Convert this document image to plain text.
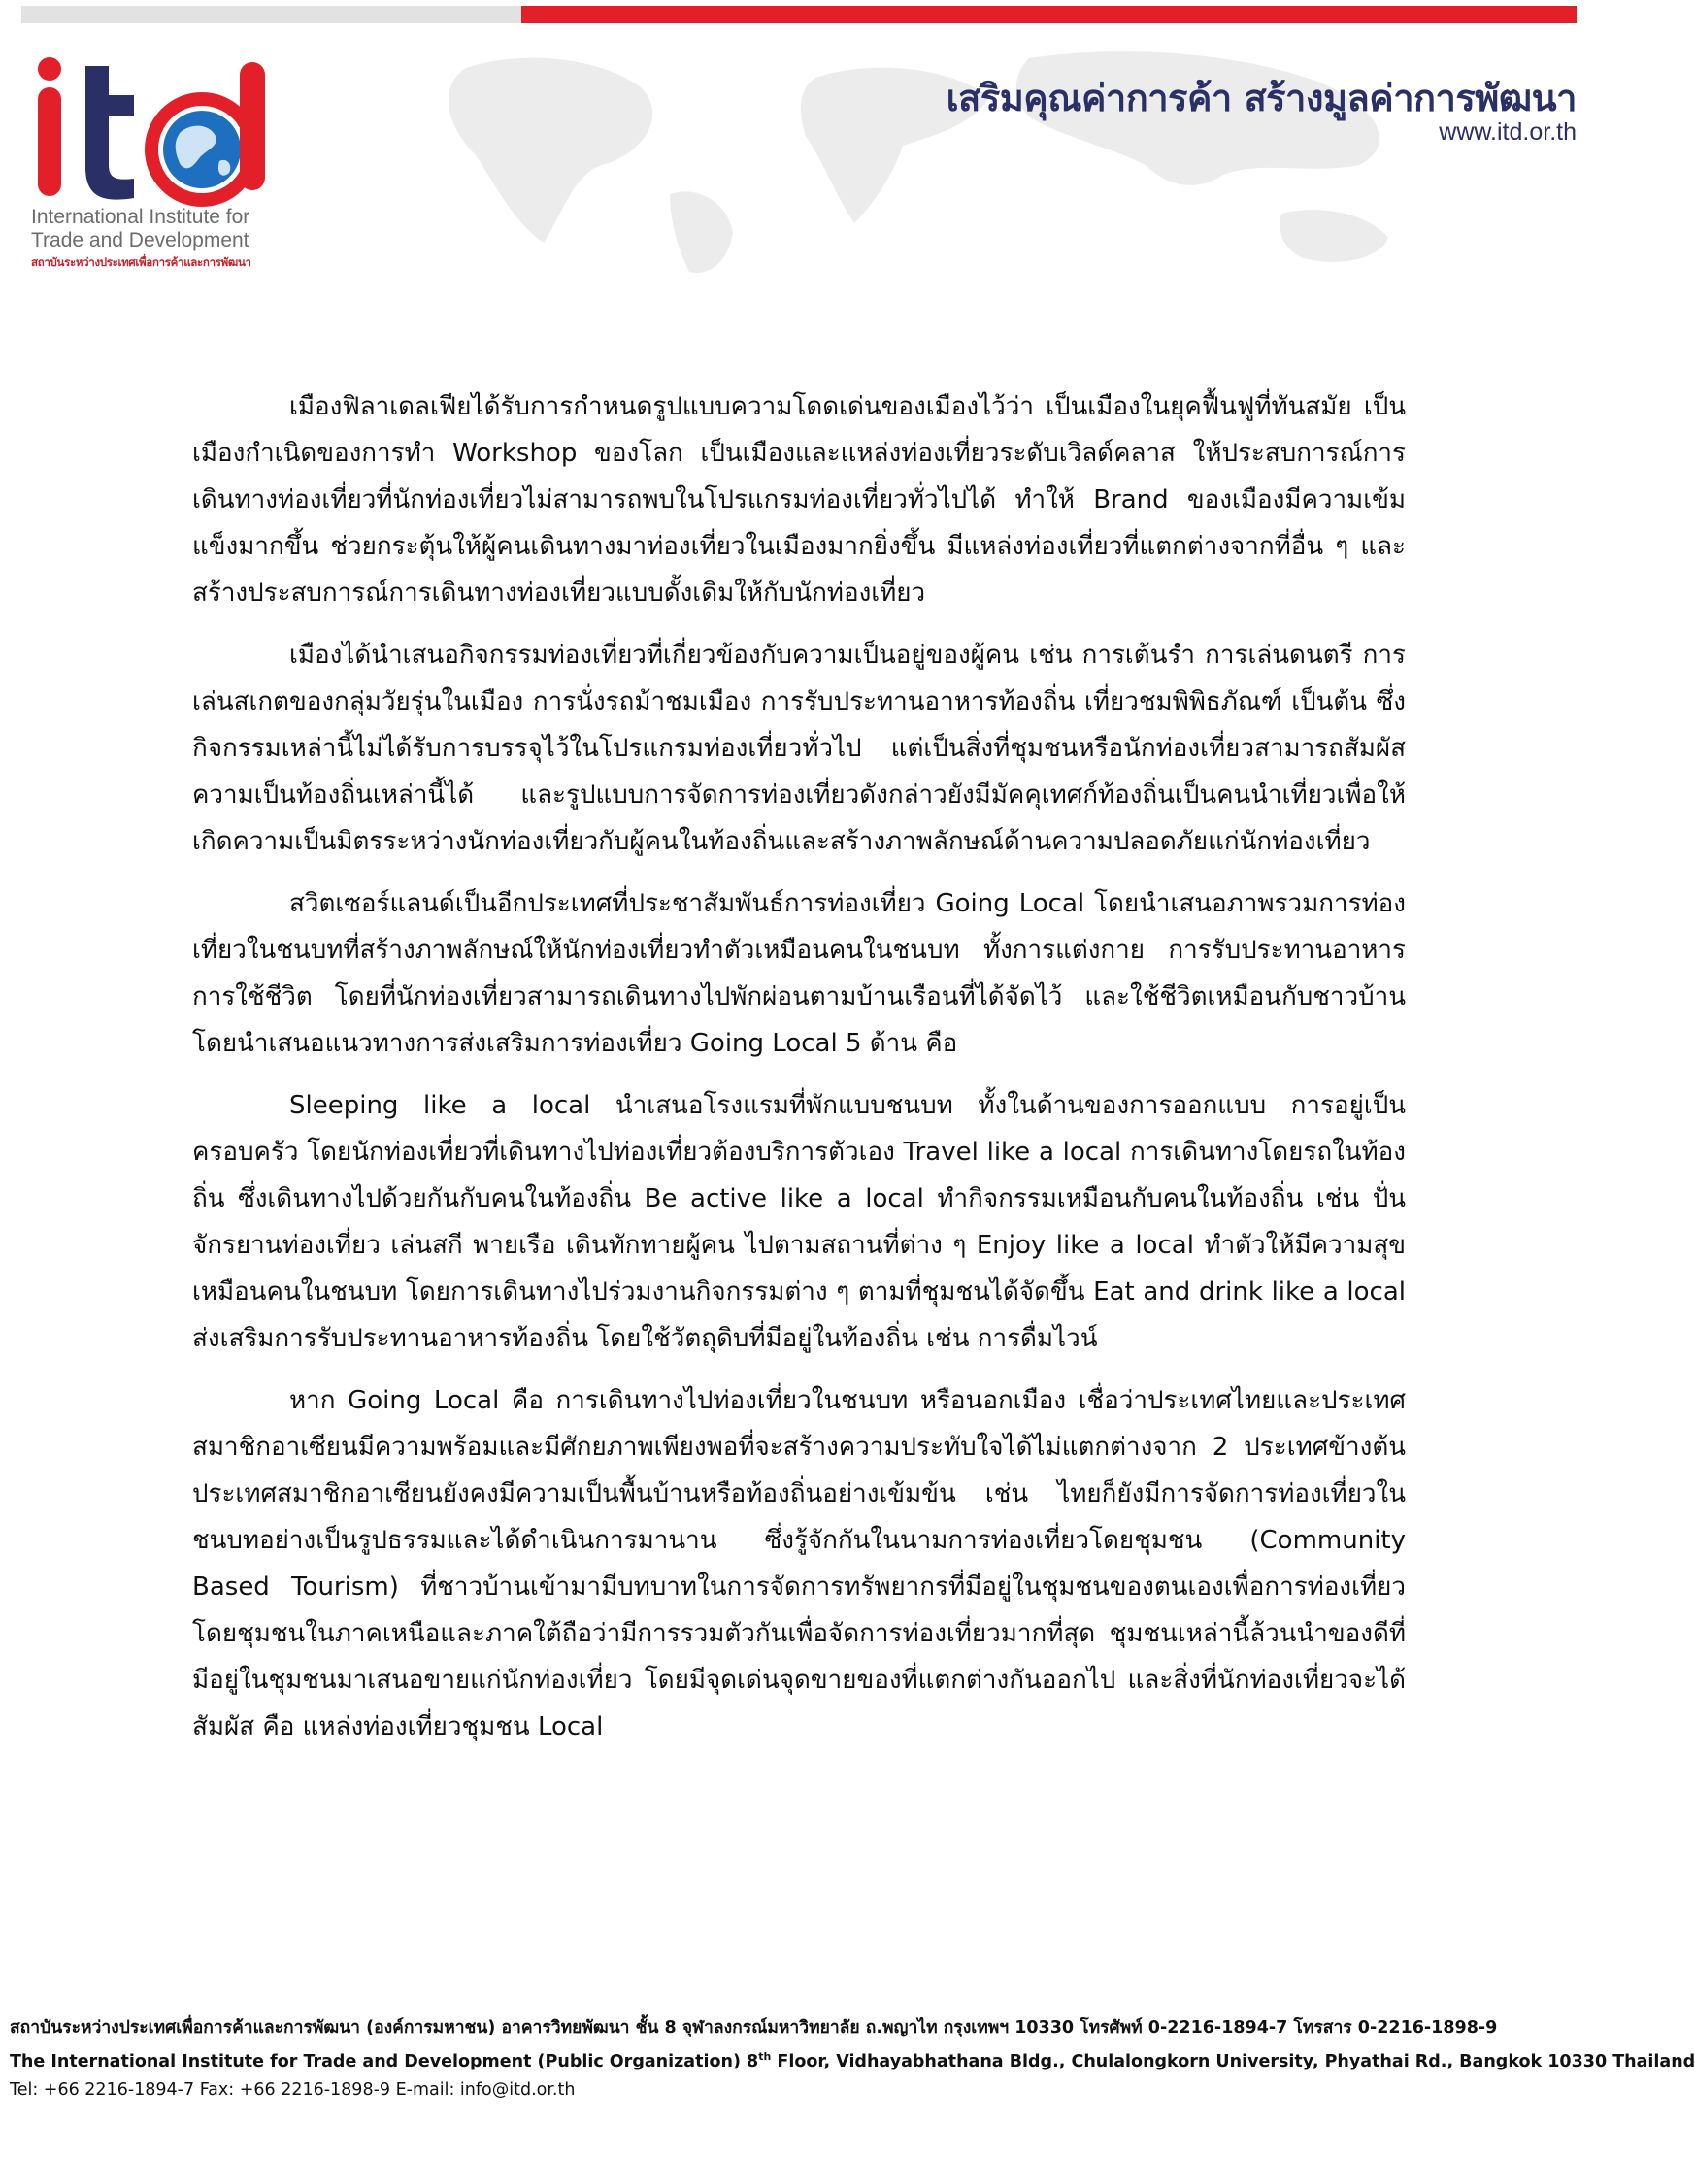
International Institute for
Trade and Development
สถาบันระหว่างประเทศเพื่อการค้าและการพัฒนา
เสริมคุณค่าการค้า สร้างมูลค่าการพัฒนา
www.itd.or.th

เมืองฟิลาเดลเฟียได้รับการกำหนดรูปแบบความโดดเด่นของเมืองไว้ว่า เป็นเมืองในยุคฟื้นฟูที่ทันสมัย เป็นเมืองกำเนิดของการทำ Workshop ของโลก เป็นเมืองและแหล่งท่องเที่ยวระดับเวิลด์คลาส ให้ประสบการณ์การเดินทางท่องเที่ยวที่นักท่องเที่ยวไม่สามารถพบในโปรแกรมท่องเที่ยวทั่วไปได้ ทำให้ Brand ของเมืองมีความเข้มแข็งมากขึ้น ช่วยกระตุ้นให้ผู้คนเดินทางมาท่องเที่ยวในเมืองมากยิ่งขึ้น มีแหล่งท่องเที่ยวที่แตกต่างจากที่อื่น ๆ และสร้างประสบการณ์การเดินทางท่องเที่ยวแบบดั้งเดิมให้กับนักท่องเที่ยว

เมืองได้นำเสนอกิจกรรมท่องเที่ยวที่เกี่ยวข้องกับความเป็นอยู่ของผู้คน เช่น การเต้นรำ การเล่นดนตรี การเล่นสเกตของกลุ่มวัยรุ่นในเมือง การนั่งรถม้าชมเมือง การรับประทานอาหารท้องถิ่น เที่ยวชมพิพิธภัณฑ์ เป็นต้น ซึ่งกิจกรรมเหล่านี้ไม่ได้รับการบรรจุไว้ในโปรแกรมท่องเที่ยวทั่วไป แต่เป็นสิ่งที่ชุมชนหรือนักท่องเที่ยวสามารถสัมผัสความเป็นท้องถิ่นเหล่านี้ได้ และรูปแบบการจัดการท่องเที่ยวดังกล่าวยังมีมัคคุเทศก์ท้องถิ่นเป็นคนนำเที่ยวเพื่อให้เกิดความเป็นมิตรระหว่างนักท่องเที่ยวกับผู้คนในท้องถิ่นและสร้างภาพลักษณ์ด้านความปลอดภัยแก่นักท่องเที่ยว

สวิตเซอร์แลนด์เป็นอีกประเทศที่ประชาสัมพันธ์การท่องเที่ยว Going Local โดยนำเสนอภาพรวมการท่องเที่ยวในชนบทที่สร้างภาพลักษณ์ให้นักท่องเที่ยวทำตัวเหมือนคนในชนบท ทั้งการแต่งกาย การรับประทานอาหาร การใช้ชีวิต โดยที่นักท่องเที่ยวสามารถเดินทางไปพักผ่อนตามบ้านเรือนที่ได้จัดไว้ และใช้ชีวิตเหมือนกับชาวบ้าน โดยนำเสนอแนวทางการส่งเสริมการท่องเที่ยว Going Local 5 ด้าน คือ

Sleeping like a local นำเสนอโรงแรมที่พักแบบชนบท ทั้งในด้านของการออกแบบ การอยู่เป็นครอบครัว โดยนักท่องเที่ยวที่เดินทางไปท่องเที่ยวต้องบริการตัวเอง Travel like a local การเดินทางโดยรถในท้องถิ่น ซึ่งเดินทางไปด้วยกันกับคนในท้องถิ่น Be active like a local ทำกิจกรรมเหมือนกับคนในท้องถิ่น เช่น ปั่นจักรยานท่องเที่ยว เล่นสกี พายเรือ เดินทักทายผู้คน ไปตามสถานที่ต่าง ๆ Enjoy like a local ทำตัวให้มีความสุขเหมือนคนในชนบท โดยการเดินทางไปร่วมงานกิจกรรมต่าง ๆ ตามที่ชุมชนได้จัดขึ้น Eat and drink like a local ส่งเสริมการรับประทานอาหารท้องถิ่น โดยใช้วัตถุดิบที่มีอยู่ในท้องถิ่น เช่น การดื่มไวน์

หาก Going Local คือ การเดินทางไปท่องเที่ยวในชนบท หรือนอกเมือง เชื่อว่าประเทศไทยและประเทศสมาชิกอาเซียนมีความพร้อมและมีศักยภาพเพียงพอที่จะสร้างความประทับใจได้ไม่แตกต่างจาก 2 ประเทศข้างต้น ประเทศสมาชิกอาเซียนยังคงมีความเป็นพื้นบ้านหรือท้องถิ่นอย่างเข้มข้น เช่น ไทยก็ยังมีการจัดการท่องเที่ยวในชนบทอย่างเป็นรูปธรรมและได้ดำเนินการมานาน ซึ่งรู้จักกันในนามการท่องเที่ยวโดยชุมชน (Community Based Tourism) ที่ชาวบ้านเข้ามามีบทบาทในการจัดการทรัพยากรที่มีอยู่ในชุมชนของตนเองเพื่อการท่องเที่ยว โดยชุมชนในภาคเหนือและภาคใต้ถือว่ามีการรวมตัวกันเพื่อจัดการท่องเที่ยวมากที่สุด ชุมชนเหล่านี้ล้วนนำของดีที่มีอยู่ในชุมชนมาเสนอขายแก่นักท่องเที่ยว โดยมีจุดเด่นจุดขายของที่แตกต่างกันออกไป และสิ่งที่นักท่องเที่ยวจะได้สัมผัส คือ แหล่งท่องเที่ยวชุมชน Local

สถาบันระหว่างประเทศเพื่อการค้าและการพัฒนา (องค์การมหาชน) อาคารวิทยพัฒนา ชั้น 8 จุฬาลงกรณ์มหาวิทยาลัย ถ.พญาไท กรุงเทพฯ 10330 โทรศัพท์ 0-2216-1894-7 โทรสาร 0-2216-1898-9
The International Institute for Trade and Development (Public Organization) 8th Floor, Vidhayabhathana Bldg., Chulalongkorn University, Phyathai Rd., Bangkok 10330 Thailand
Tel: +66 2216-1894-7 Fax: +66 2216-1898-9 E-mail: info@itd.or.th
